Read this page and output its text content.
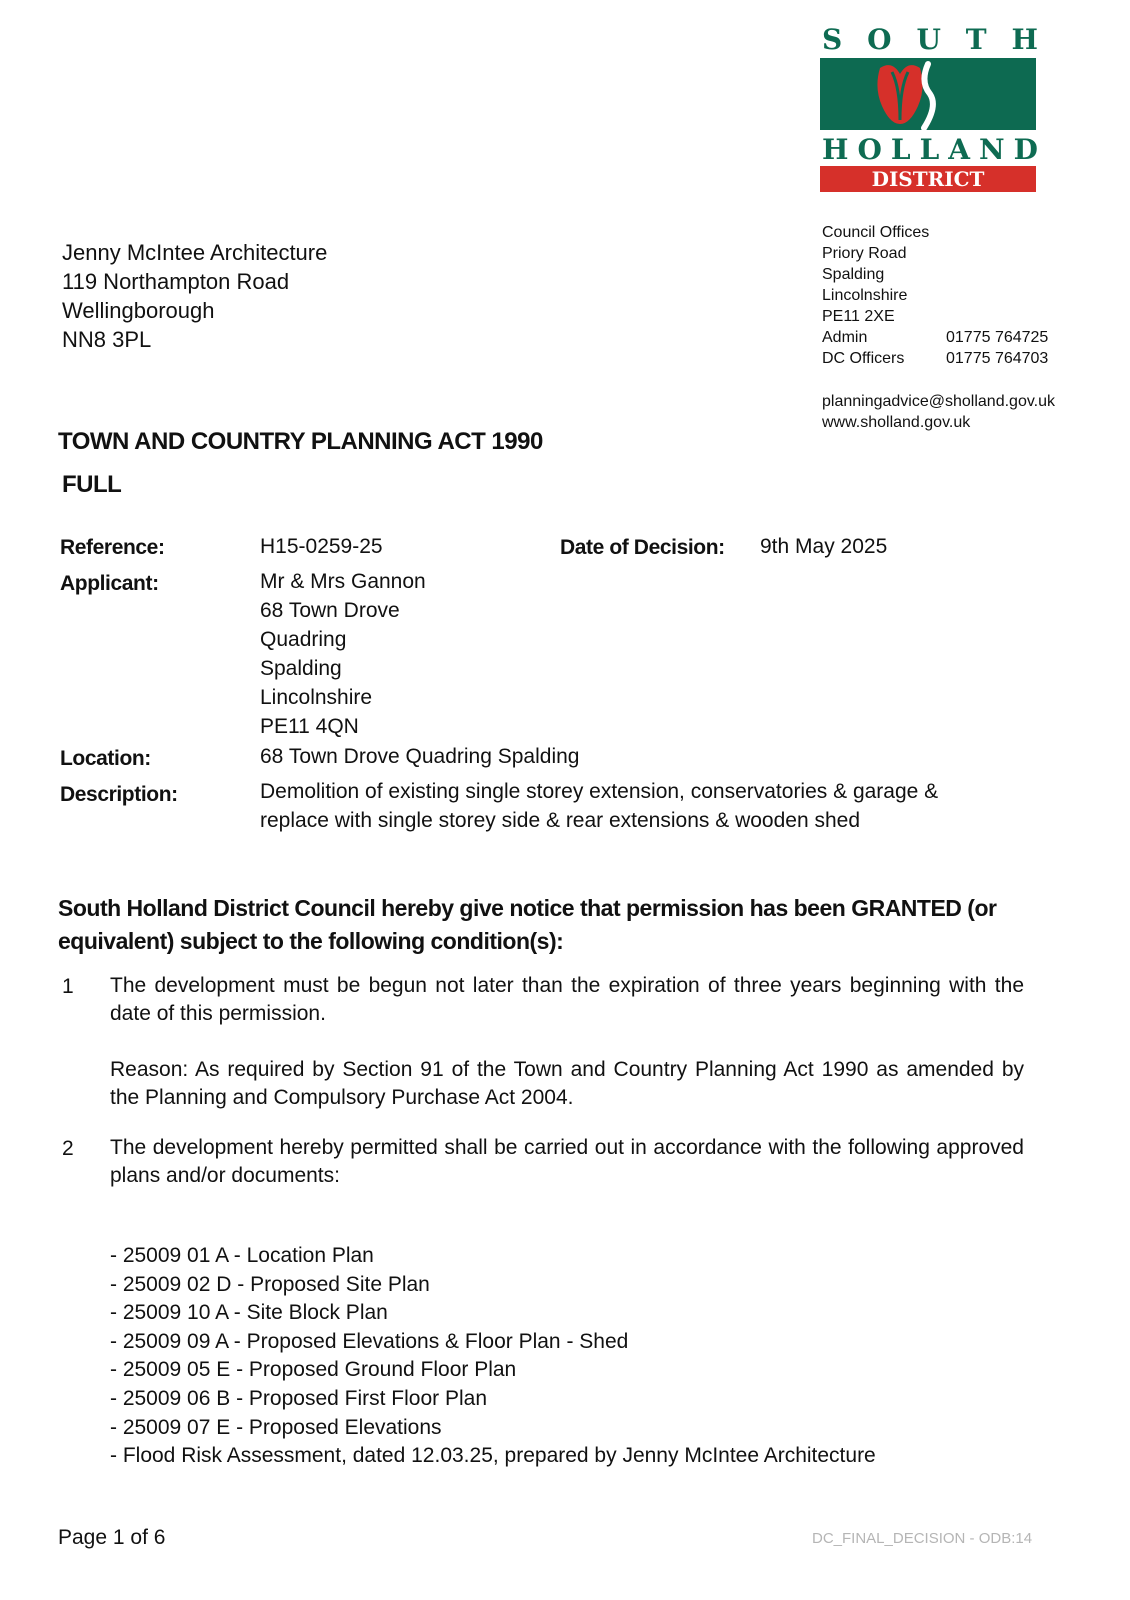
S O U T H
H O L L A N D
DISTRICT COUNCIL
Jenny McIntee Architecture
119 Northampton Road
Wellingborough
NN8 3PL
Council Offices
Priory Road
Spalding
Lincolnshire
PE11 2XE
Admin	01775 764725
DC Officers	01775 764703
planningadvice@sholland.gov.uk
www.sholland.gov.uk
TOWN AND COUNTRY PLANNING ACT 1990
FULL
Reference:	H15-0259-25	Date of Decision: 9th May 2025
Applicant:	Mr & Mrs Gannon
68 Town Drove
Quadring
Spalding
Lincolnshire
PE11 4QN
Location:	68 Town Drove Quadring Spalding
Description:	Demolition of existing single storey extension, conservatories & garage &
replace with single storey side & rear extensions & wooden shed
South Holland District Council hereby give notice that permission has been GRANTED (or equivalent) subject to the following condition(s):
1 The development must be begun not later than the expiration of three years beginning with the date of this permission.
Reason: As required by Section 91 of the Town and Country Planning Act 1990 as amended by the Planning and Compulsory Purchase Act 2004.
2 The development hereby permitted shall be carried out in accordance with the following approved plans and/or documents:
- 25009 01 A - Location Plan
- 25009 02 D - Proposed Site Plan
- 25009 10 A - Site Block Plan
- 25009 09 A - Proposed Elevations & Floor Plan - Shed
- 25009 05 E - Proposed Ground Floor Plan
- 25009 06 B - Proposed First Floor Plan
- 25009 07 E - Proposed Elevations
- Flood Risk Assessment, dated 12.03.25, prepared by Jenny McIntee Architecture
Page 1 of 6	DC_FINAL_DECISION - ODB:14
